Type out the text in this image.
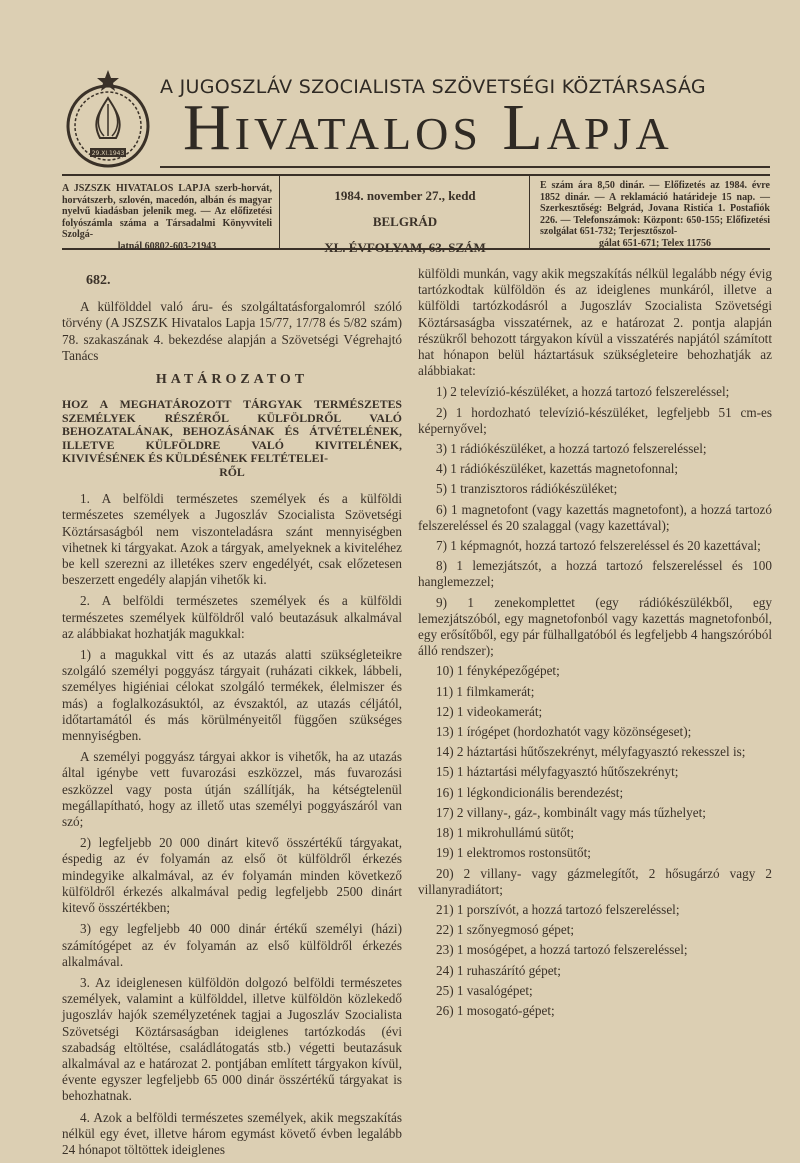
29.XI.1943
A JUGOSZLÁV SZOCIALISTA SZÖVETSÉGI KÖZTÁRSASÁG
Hivatalos Lapja
A JSZSZK HIVATALOS LAPJA szerb-horvát, horvátszerb, szlovén, macedón, albán és magyar nyelvű kiadásban jelenik meg. — Az előfizetési folyószámla száma a Társadalmi Könyvviteli Szolgá-
latnál 60802-603-21943
1984. november 27., kedd
BELGRÁD
XL. ÉVFOLYAM, 63. SZÁM
E szám ára 8,50 dinár. — Előfizetés az 1984. évre 1852 dinár. — A reklamáció határideje 15 nap. — Szerkesztőség: Belgrád, Jovana Ristića 1. Postafiók 226. — Telefonszámok: Központ: 650-155; Előfizetési szolgálat 651-732; Terjesztőszol-
gálat 651-671; Telex 11756
682.

A külfölddel való áru- és szolgáltatásforgalomról szóló törvény (A JSZSZK Hivatalos Lapja 15/77, 17/78 és 5/82 szám) 78. szakaszának 4. bekezdése alapján a Szövetségi Végrehajtó Tanács

HATÁROZATOT
HOZ A MEGHATÁROZOTT TÁRGYAK TERMÉSZETES SZEMÉLYEK RÉSZÉRŐL KÜLFÖLDRŐL VALÓ BEHOZATALÁNAK, BEHOZÁSÁNAK ÉS ÁTVÉTELÉNEK, ILLETVE KÜLFÖLDRE VALÓ KIVITELÉNEK, KIVIVÉSÉNEK ÉS KÜLDÉSÉNEK FELTÉTELEI-
RŐL

1. A belföldi természetes személyek és a külföldi természetes személyek a Jugoszláv Szocialista Szövetségi Köztársaságból nem viszonteladásra szánt mennyiségben vihetnek ki tárgyakat. Azok a tárgyak, amelyeknek a kiviteléhez be kell szerezni az illetékes szerv engedélyét, csak előzetesen beszerzett engedély alapján vihetők ki.

2. A belföldi természetes személyek és a külföldi természetes személyek külföldről való beutazásuk alkalmával az alábbiakat hozhatják magukkal:

1) a magukkal vitt és az utazás alatti szükségleteikre szolgáló személyi poggyász tárgyait (ruházati cikkek, lábbeli, személyes higiéniai célokat szolgáló termékek, élelmiszer és más) a foglalkozásuktól, az évszaktól, az utazás céljától, időtartamától és más körülményeitől függően szükséges mennyiségben.

A személyi poggyász tárgyai akkor is vihetők, ha az utazás által igénybe vett fuvarozási eszközzel, más fuvarozási eszközzel vagy posta útján szállítják, ha kétségtelenül megállapítható, hogy az illető utas személyi poggyászáról van szó;

2) legfeljebb 20 000 dinárt kitevő összértékű tárgyakat, éspedig az év folyamán az első öt külföldről érkezés mindegyike alkalmával, az év folyamán minden következő külföldről érkezés alkalmával pedig legfeljebb 2500 dinárt kitevő összértékben;

3) egy legfeljebb 40 000 dinár értékű személyi (házi) számítógépet az év folyamán az első külföldről érkezés alkalmával.

3. Az ideiglenesen külföldön dolgozó belföldi természetes személyek, valamint a külfölddel, illetve külföldön közlekedő jugoszláv hajók személyzetének tagjai a Jugoszláv Szocialista Szövetségi Köztársaságban ideiglenes tartózkodás (évi szabadság eltöltése, családlátogatás stb.) végetti beutazásuk alkalmával az e határozat 2. pontjában említett tárgyakon kívül, évente egyszer legfeljebb 65 000 dinár összértékű tárgyakat is behozhatnak.

4. Azok a belföldi természetes személyek, akik megszakítás nélkül egy évet, illetve három egymást követő évben legalább 24 hónapot töltöttek ideiglenes

külföldi munkán, vagy akik megszakítás nélkül legalább négy évig tartózkodtak külföldön és az ideiglenes munkáról, illetve a külföldi tartózkodásról a Jugoszláv Szocialista Szövetségi Köztársaságba visszatérnek, az e határozat 2. pontja alapján részükről behozott tárgyakon kívül a visszatérés napjától számított hat hónapon belül háztartásuk szükségleteire behozhatják az alábbiakat:

1) 2 televízió-készüléket, a hozzá tartozó felszereléssel;
2) 1 hordozható televízió-készüléket, legfeljebb 51 cm-es képernyővel;
3) 1 rádiókészüléket, a hozzá tartozó felszereléssel;
4) 1 rádiókészüléket, kazettás magnetofonnal;
5) 1 tranzisztoros rádiókészüléket;
6) 1 magnetofont (vagy kazettás magnetofont), a hozzá tartozó felszereléssel és 20 szalaggal (vagy kazettával);
7) 1 képmagnót, hozzá tartozó felszereléssel és 20 kazettával;
8) 1 lemezjátszót, a hozzá tartozó felszereléssel és 100 hanglemezzel;
9) 1 zenekomplettet (egy rádiókészülékből, egy lemezjátszóból, egy magnetofonból vagy kazettás magnetofonból, egy erősítőből, egy pár fülhallgatóból és legfeljebb 4 hangszóróból álló rendszer);
10) 1 fényképezőgépet;
11) 1 filmkamerát;
12) 1 videokamerát;
13) 1 írógépet (hordozhatót vagy közönségeset);
14) 2 háztartási hűtőszekrényt, mélyfagyasztó rekesszel is;
15) 1 háztartási mélyfagyasztó hűtőszekrényt;
16) 1 légkondicionális berendezést;
17) 2 villany-, gáz-, kombinált vagy más tűzhelyet;
18) 1 mikrohullámú sütőt;
19) 1 elektromos rostonsütőt;
20) 2 villany- vagy gázmelegítőt, 2 hősugárzó vagy 2 villanyradiátort;
21) 1 porszívót, a hozzá tartozó felszereléssel;
22) 1 szőnyegmosó gépet;
23) 1 mosógépet, a hozzá tartozó felszereléssel;
24) 1 ruhaszárító gépet;
25) 1 vasalógépet;
26) 1 mosogató-gépet;
